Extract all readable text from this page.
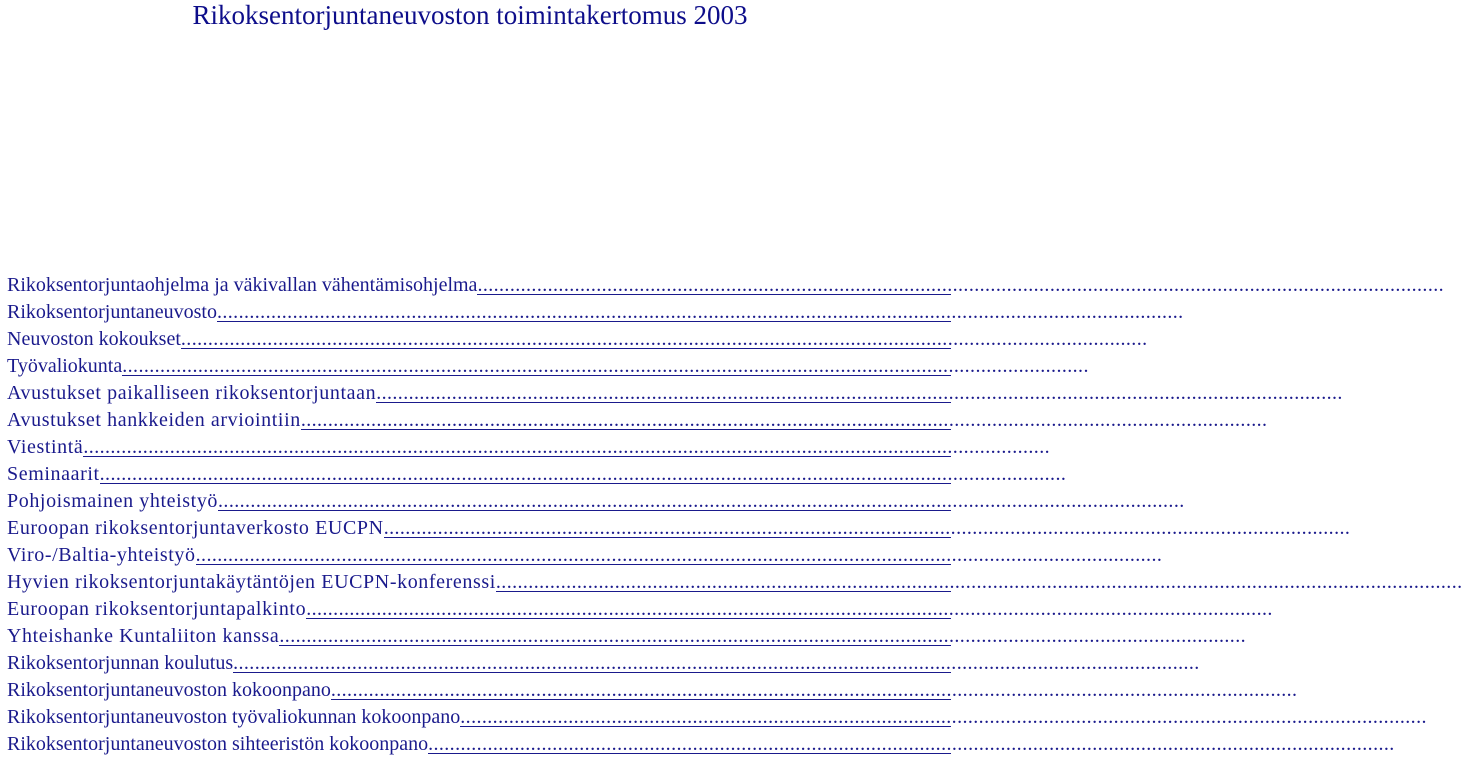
Rikoksentorjuntaneuvoston toimintakertomus 2003
Rikoksentorjuntaohjelma ja väkivallan vähentämisohjelma ...................................................................................................................................................................................
Rikoksentorjuntaneuvosto ...................................................................................................................................................................................
Neuvoston kokoukset ...................................................................................................................................................................................
Työvaliokunta ...................................................................................................................................................................................
Avustukset paikalliseen rikoksentorjuntaan ...................................................................................................................................................................................
Avustukset hankkeiden arviointiin ...................................................................................................................................................................................
Viestintä ...................................................................................................................................................................................
Seminaarit ...................................................................................................................................................................................
Pohjoismainen yhteistyö ...................................................................................................................................................................................
Euroopan rikoksentorjuntaverkosto EUCPN ...................................................................................................................................................................................
Viro-/Baltia-yhteistyö ...................................................................................................................................................................................
Hyvien rikoksentorjuntakäytäntöjen EUCPN-konferenssi ...................................................................................................................................................................................
Euroopan rikoksentorjuntapalkinto ...................................................................................................................................................................................
Yhteishanke Kuntaliiton kanssa ...................................................................................................................................................................................
Rikoksentorjunnan koulutus ...................................................................................................................................................................................
Rikoksentorjuntaneuvoston kokoonpano ...................................................................................................................................................................................
Rikoksentorjuntaneuvoston työvaliokunnan kokoonpano ...................................................................................................................................................................................
Rikoksentorjuntaneuvoston sihteeristön kokoonpano ...................................................................................................................................................................................
